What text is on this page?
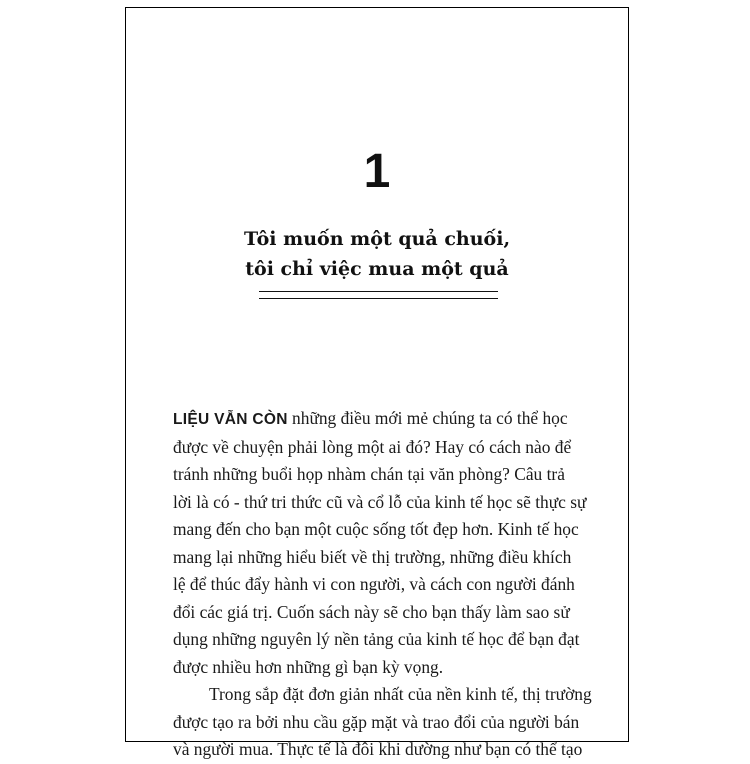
1
Tôi muốn một quả chuối,
tôi chỉ việc mua một quả
LIỆU VẪN CÒN những điều mới mẻ chúng ta có thể học
được về chuyện phải lòng một ai đó? Hay có cách nào để
tránh những buổi họp nhàm chán tại văn phòng? Câu trả
lời là có - thứ tri thức cũ và cổ lỗ của kinh tế học sẽ thực sự
mang đến cho bạn một cuộc sống tốt đẹp hơn. Kinh tế học
mang lại những hiểu biết về thị trường, những điều khích
lệ để thúc đẩy hành vi con người, và cách con người đánh
đổi các giá trị. Cuốn sách này sẽ cho bạn thấy làm sao sử
dụng những nguyên lý nền tảng của kinh tế học để bạn đạt
được nhiều hơn những gì bạn kỳ vọng.
Trong sắp đặt đơn giản nhất của nền kinh tế, thị trường
được tạo ra bởi nhu cầu gặp mặt và trao đổi của người bán
và người mua. Thực tế là đôi khi dường như bạn có thể tạo
